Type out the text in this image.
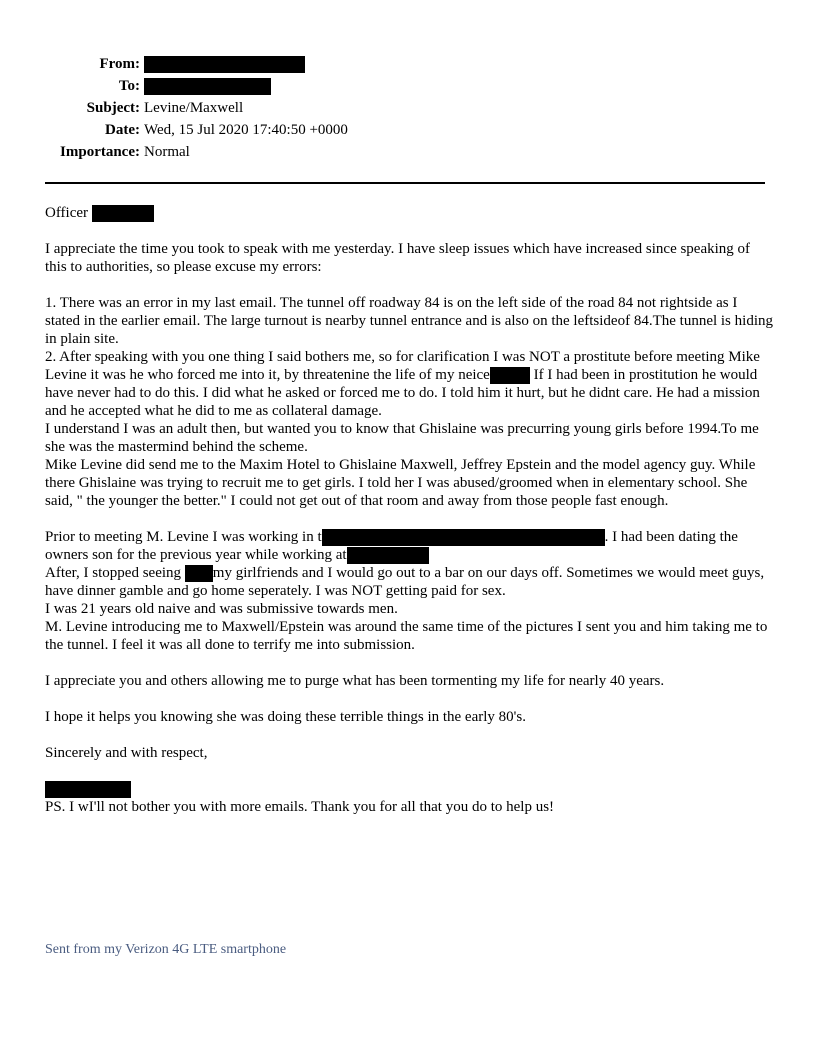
From:
To:
Subject: Levine/Maxwell
Date: Wed, 15 Jul 2020 17:40:50 +0000
Importance: Normal

Officer

I appreciate the time you took to speak with me yesterday. I have sleep issues which have increased since speaking of this to authorities, so please excuse my errors:

1. There was an error in my last email. The tunnel off roadway 84 is on the left side of the road 84 not rightside as I stated in the earlier email. The large turnout is nearby tunnel entrance and is also on the leftsideof 84.The tunnel is hiding in plain site.

2. After speaking with you one thing I said bothers me, so for clarification I was NOT a prostitute before meeting Mike Levine it was he who forced me into it, by threatenine the life of my neice	If I had been in prostitution he would have never had to do this. I did what he asked or forced me to do. I told him it hurt, but he didnt care. He had a mission and he accepted what he did to me as collateral damage.

I understand I was an adult then, but wanted you to know that Ghislaine was precurring young girls before 1994.To me she was the mastermind behind the scheme.

Mike Levine did send me to the Maxim Hotel to Ghislaine Maxwell, Jeffrey Epstein and the model agency guy. While there Ghislaine was trying to recruit me to get girls. I told her I was abused/groomed when in elementary school. She said, " the younger the better." I could not get out of that room and away from those people fast enough.

Prior to meeting M. Levine I was working in t	. I had been dating the owners son for the previous year while working at

After, I stopped seeing my girlfriends and I would go out to a bar on our days off. Sometimes we would meet guys, have dinner gamble and go home seperately. I was NOT getting paid for sex.

I was 21 years old naive and was submissive towards men.

M. Levine introducing me to Maxwell/Epstein was around the same time of the pictures I sent you and him taking me to the tunnel. I feel it was all done to terrify me into submission.

I appreciate you and others allowing me to purge what has been tormenting my life for nearly 40 years.

I hope it helps you knowing she was doing these terrible things in the early 80's.

Sincerely and with respect,

PS. I wI'll not bother you with more emails. Thank you for all that you do to help us!

Sent from my Verizon 4G LTE smartphone
